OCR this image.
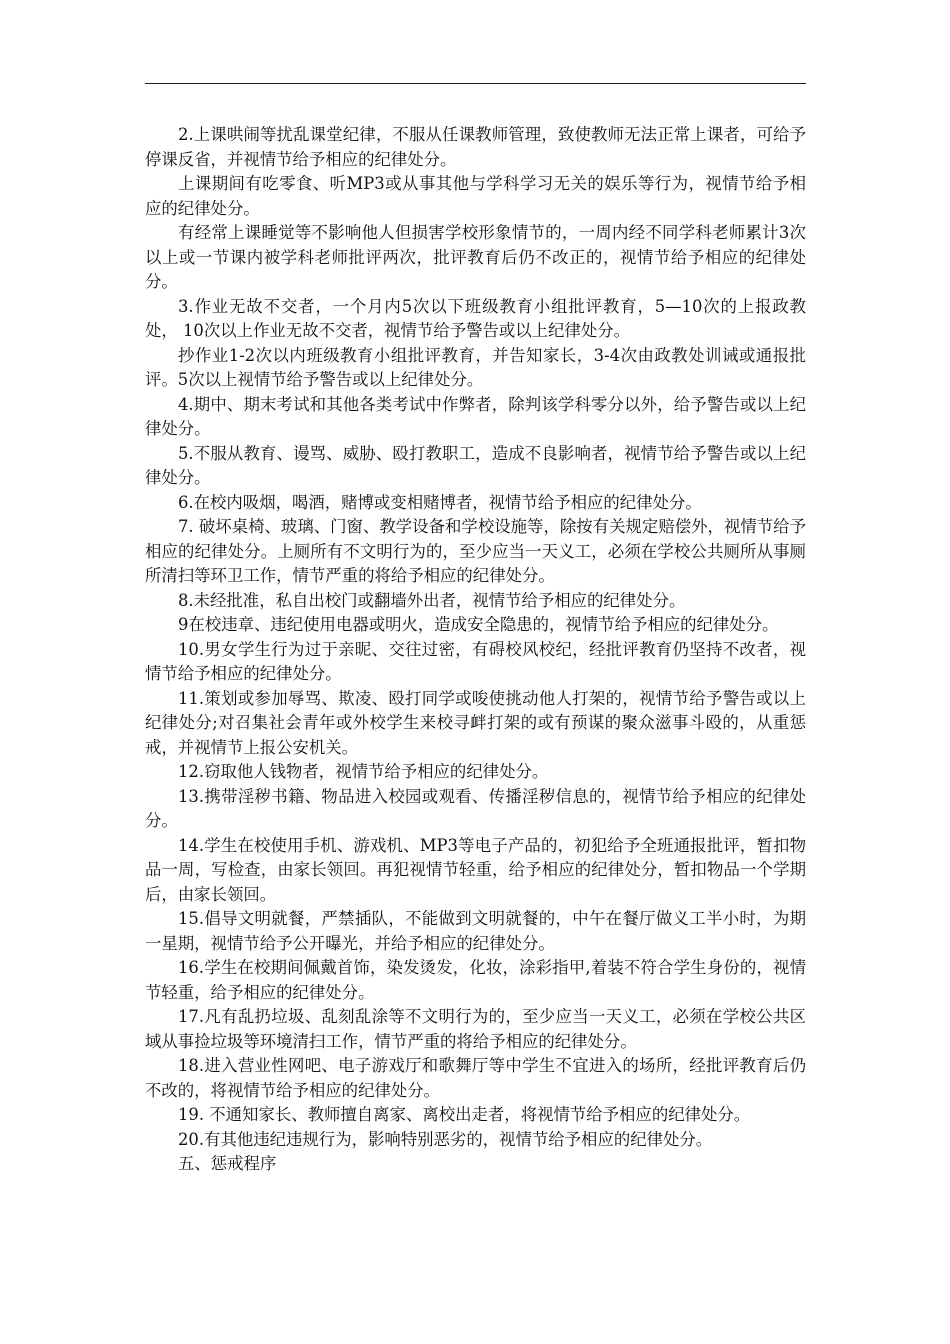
2.上课哄闹等扰乱课堂纪律，不服从任课教师管理，致使教师无法正常上课者，可给予停课反省，并视情节给予相应的纪律处分。

上课期间有吃零食、听MP3或从事其他与学科学习无关的娱乐等行为，视情节给予相应的纪律处分。

有经常上课睡觉等不影响他人但损害学校形象情节的，一周内经不同学科老师累计3次以上或一节课内被学科老师批评两次，批评教育后仍不改正的，视情节给予相应的纪律处分。

3.作业无故不交者，一个月内5次以下班级教育小组批评教育，5—10次的上报政教处， 10次以上作业无故不交者，视情节给予警告或以上纪律处分。

抄作业1-2次以内班级教育小组批评教育，并告知家长，3-4次由政教处训诫或通报批评。5次以上视情节给予警告或以上纪律处分。

4.期中、期末考试和其他各类考试中作弊者，除判该学科零分以外，给予警告或以上纪律处分。

5.不服从教育、谩骂、威胁、殴打教职工，造成不良影响者，视情节给予警告或以上纪律处分。

6.在校内吸烟，喝酒，赌博或变相赌博者，视情节给予相应的纪律处分。

7. 破坏桌椅、玻璃、门窗、教学设备和学校设施等，除按有关规定赔偿外，视情节给予相应的纪律处分。上厕所有不文明行为的，至少应当一天义工，必须在学校公共厕所从事厕所清扫等环卫工作，情节严重的将给予相应的纪律处分。

8.未经批准，私自出校门或翻墙外出者，视情节给予相应的纪律处分。

9在校违章、违纪使用电器或明火，造成安全隐患的，视情节给予相应的纪律处分。

10.男女学生行为过于亲昵、交往过密，有碍校风校纪，经批评教育仍坚持不改者，视情节给予相应的纪律处分。

11.策划或参加辱骂、欺凌、殴打同学或唆使挑动他人打架的，视情节给予警告或以上纪律处分;对召集社会青年或外校学生来校寻衅打架的或有预谋的聚众滋事斗殴的，从重惩戒，并视情节上报公安机关。

12.窃取他人钱物者，视情节给予相应的纪律处分。

13.携带淫秽书籍、物品进入校园或观看、传播淫秽信息的，视情节给予相应的纪律处分。

14.学生在校使用手机、游戏机、MP3等电子产品的，初犯给予全班通报批评，暂扣物品一周，写检查，由家长领回。再犯视情节轻重，给予相应的纪律处分，暂扣物品一个学期后，由家长领回。

15.倡导文明就餐，严禁插队，不能做到文明就餐的，中午在餐厅做义工半小时，为期一星期，视情节给予公开曝光，并给予相应的纪律处分。

16.学生在校期间佩戴首饰，染发烫发，化妆，涂彩指甲,着装不符合学生身份的，视情节轻重，给予相应的纪律处分。

17.凡有乱扔垃圾、乱刻乱涂等不文明行为的，至少应当一天义工，必须在学校公共区域从事捡垃圾等环境清扫工作，情节严重的将给予相应的纪律处分。

18.进入营业性网吧、电子游戏厅和歌舞厅等中学生不宜进入的场所，经批评教育后仍不改的，将视情节给予相应的纪律处分。

19. 不通知家长、教师擅自离家、离校出走者，将视情节给予相应的纪律处分。

20.有其他违纪违规行为，影响特别恶劣的，视情节给予相应的纪律处分。

五、惩戒程序
